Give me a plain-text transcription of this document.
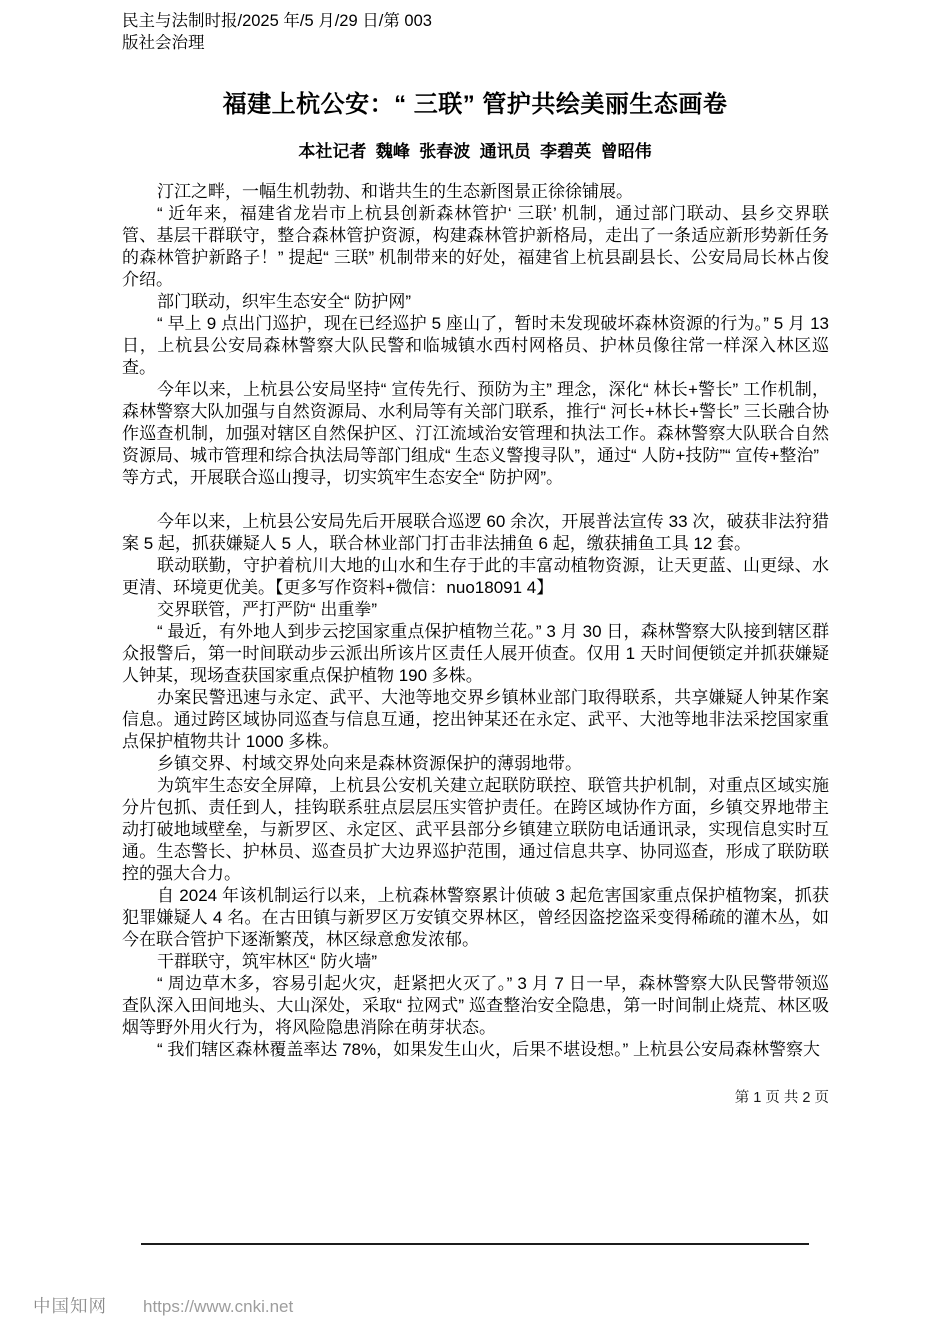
民主与法制时报/2025 年/5 月/29 日/第 003
版社会治理
福建上杭公安：“ 三联” 管护共绘美丽生态画卷
本社记者  魏峰  张春波  通讯员  李碧英  曾昭伟

汀江之畔，一幅生机勃勃、和谐共生的生态新图景正徐徐铺展。

“ 近年来，福建省龙岩市上杭县创新森林管护‘ 三联’ 机制，通过部门联动、县乡交界联管、基层干群联守，整合森林管护资源，构建森林管护新格局，走出了一条适应新形势新任务的森林管护新路子！” 提起“ 三联” 机制带来的好处，福建省上杭县副县长、公安局局长林占俊介绍。

部门联动，织牢生态安全“ 防护网”

“ 早上 9 点出门巡护，现在已经巡护 5 座山了，暂时未发现破坏森林资源的行为。” 5 月 13 日，上杭县公安局森林警察大队民警和临城镇水西村网格员、护林员像往常一样深入林区巡查。

今年以来，上杭县公安局坚持“ 宣传先行、预防为主” 理念，深化“ 林长+警长” 工作机制，森林警察大队加强与自然资源局、水利局等有关部门联系，推行“ 河长+林长+警长” 三长融合协作巡查机制，加强对辖区自然保护区、汀江流域治安管理和执法工作。森林警察大队联合自然资源局、城市管理和综合执法局等部门组成“ 生态义警搜寻队”，通过“ 人防+技防”“ 宣传+整治”

等方式，开展联合巡山搜寻，切实筑牢生态安全“ 防护网”。

今年以来，上杭县公安局先后开展联合巡逻 60 余次，开展普法宣传 33 次，破获非法狩猎案 5 起，抓获嫌疑人 5 人，联合林业部门打击非法捕鱼 6 起，缴获捕鱼工具 12 套。

联动联勤，守护着杭川大地的山水和生存于此的丰富动植物资源，让天更蓝、山更绿、水更清、环境更优美。【更多写作资料+微信：nuo18091 4】

交界联管，严打严防“ 出重拳”

“ 最近，有外地人到步云挖国家重点保护植物兰花。” 3 月 30 日，森林警察大队接到辖区群众报警后，第一时间联动步云派出所该片区责任人展开侦查。仅用 1 天时间便锁定并抓获嫌疑人钟某，现场查获国家重点保护植物 190 多株。

办案民警迅速与永定、武平、大池等地交界乡镇林业部门取得联系，共享嫌疑人钟某作案信息。通过跨区域协同巡查与信息互通，挖出钟某还在永定、武平、大池等地非法采挖国家重点保护植物共计 1000 多株。

乡镇交界、村域交界处向来是森林资源保护的薄弱地带。

为筑牢生态安全屏障，上杭县公安机关建立起联防联控、联管共护机制，对重点区域实施分片包抓、责任到人，挂钩联系驻点层层压实管护责任。在跨区域协作方面，乡镇交界地带主动打破地域壁垒，与新罗区、永定区、武平县部分乡镇建立联防电话通讯录，实现信息实时互通。生态警长、护林员、巡查员扩大边界巡护范围，通过信息共享、协同巡查，形成了联防联控的强大合力。

自 2024 年该机制运行以来，上杭森林警察累计侦破 3 起危害国家重点保护植物案，抓获犯罪嫌疑人 4 名。在古田镇与新罗区万安镇交界林区，曾经因盗挖盗采变得稀疏的灌木丛，如今在联合管护下逐渐繁茂，林区绿意愈发浓郁。

干群联守，筑牢林区“ 防火墙”

“ 周边草木多，容易引起火灾，赶紧把火灭了。” 3 月 7 日一早，森林警察大队民警带领巡查队深入田间地头、大山深处，采取“ 拉网式” 巡查整治安全隐患，第一时间制止烧荒、林区吸烟等野外用火行为，将风险隐患消除在萌芽状态。

“ 我们辖区森林覆盖率达 78%，如果发生山火，后果不堪设想。” 上杭县公安局森林警察大

第 1 页 共 2 页
中国知网 https://www.cnki.net
